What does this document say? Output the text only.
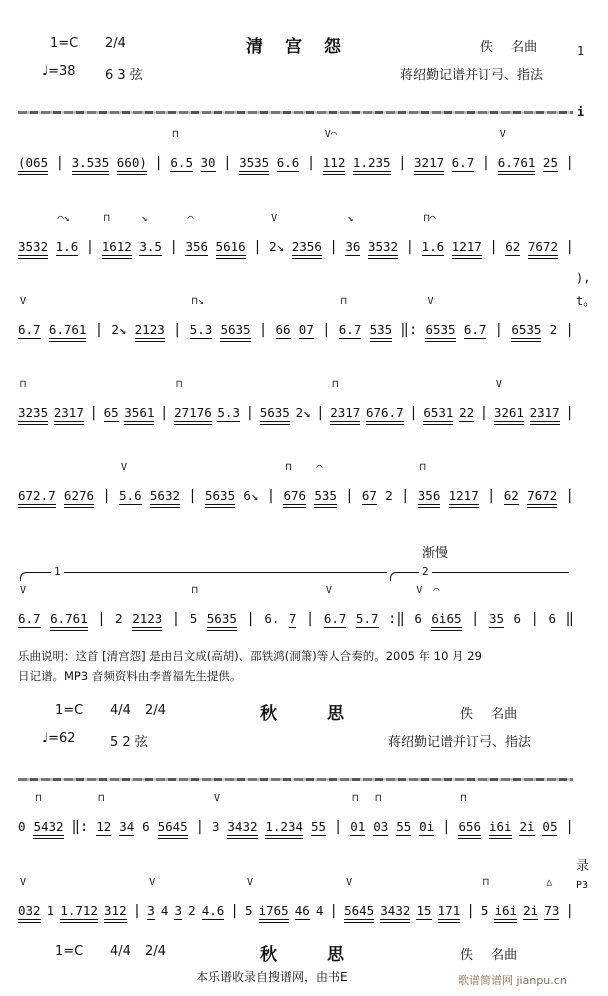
1=C 2/4	清宫怨	佚 名曲
♩=38 6 3 弦	蒋绍勤记谱并订弓、指法
(065 | 3.535 660) | 6.5
⊓
30 | 3535 6.6 | 112
V⌒
1.235 | 3217 6.7 | 6.761
V
25 |
3532 1.6
⌒↘
| 1612
⊓
3.5
↘
| 356
⌒
5616 | 2↘
V
2356 | 36
↘
3532 | 1.6
⊓⌒
1217 | 62 7672 |
6.7
V
6.761 | 2↘ 2123 | 5.3
⊓↘
5635 | 66 07 | 6.7
⊓
535 ‖: 6535
V
6.7 | 6535 2 |
3235
⊓
2317 | 65 3561 | 27176
⊓
5.3 | 5635 2↘ | 2317
⊓
676.7 | 6531 22 | 3261
V
2317 |
672.7 6276 | 5.6
V
5632 | 5635 6↘ | 676
⊓
535
⌒
| 67 2 | 356
⊓
1217 | 62 7672 |
渐慢
1	2
6.7
V
6.761 | 2 2123 | 5
⊓
5635 | 6. 7 | 6.7
V
5.7 :‖ 6
V
6i65
⌒
| 35 6 | 6 ‖
乐曲说明：这首 [清宫怨] 是由吕文成(高胡)、邵铁鸿(洞箫)等人合奏的。2005 年 10 月 29
日记谱。MP3 音频资料由李普福先生提供。
1=C 4/4 2/4	秋思	佚 名曲
♩=62	5 2 弦	蒋绍勤记谱并订弓、指法
0 5432
⊓
‖: 12
⊓
34 6 5645 | 3
V
3432 1.234 55 | 01
⊓
03
⊓
55 0i | 656
⊓
i6i 2i 05 |
032
V
1 1.712 312 | 3
V
4 3 2 4.6 | 5
V
i765 46 4 | 5645
V
3432 15 171 | 5
⊓
i6i 2i 73
△
|
1=C 4/4 2/4	秋思	佚 名曲
本乐谱收录自搜谱网，由书E	歌谱简谱网 jianpu.cn
1
i
),
t。
录
P3
